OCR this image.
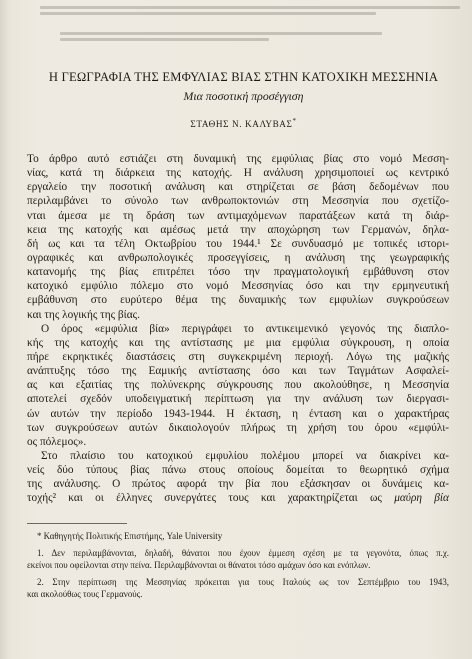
Η ΓΕΩΓΡΑΦΙΑ ΤΗΣ ΕΜΦΥΛΙΑΣ ΒΙΑΣ ΣΤΗΝ ΚΑΤΟΧΙΚΗ ΜΕΣΣΗΝΙΑ

Μια ποσοτική προσέγγιση

ΣΤΑΘΗΣ Ν. ΚΑΛΥΒΑΣ*

Το άρθρο αυτό εστιάζει στη δυναμική της εμφύλιας βίας στο νομό Μεσση-
νίας, κατά τη διάρκεια της κατοχής. Η ανάλυση χρησιμοποιεί ως κεντρικό
εργαλείο την ποσοτική ανάλυση και στηρίζεται σε βάση δεδομένων που
περιλαμβάνει το σύνολο των ανθρωποκτονιών στη Μεσσηνία που σχετίζο-
νται άμεσα με τη δράση των αντιμαχόμενων παρατάξεων κατά τη διάρ-
κεια της κατοχής και αμέσως μετά την αποχώρηση των Γερμανών, δηλα-
δή ως και τα τέλη Οκτωβρίου του 1944.¹ Σε συνδυασμό με τοπικές ιστορι-
ογραφικές και ανθρωπολογικές προσεγγίσεις, η ανάλυση της γεωγραφικής
κατανομής της βίας επιτρέπει τόσο την πραγματολογική εμβάθυνση στον
κατοχικό εμφύλιο πόλεμο στο νομό Μεσσηνίας όσο και την ερμηνευτική
εμβάθυνση στο ευρύτερο θέμα της δυναμικής των εμφυλίων συγκρούσεων
και της λογικής της βίας.
Ο όρος «εμφύλια βία» περιγράφει το αντικειμενικό γεγονός της διαπλο-
κής της κατοχής και της αντίστασης με μια εμφύλια σύγκρουση, η οποία
πήρε εκρηκτικές διαστάσεις στη συγκεκριμένη περιοχή. Λόγω της μαζικής
ανάπτυξης τόσο της Εαμικής αντίστασης όσο και των Ταγμάτων Ασφαλεί-
ας και εξαιτίας της πολύνεκρης σύγκρουσης που ακολούθησε, η Μεσσηνία
αποτελεί σχεδόν υποδειγματική περίπτωση για την ανάλυση των διεργασι-
ών αυτών την περίοδο 1943-1944. Η έκταση, η ένταση και ο χαρακτήρας
των συγκρούσεων αυτών δικαιολογούν πλήρως τη χρήση του όρου «εμφύλι-
ος πόλεμος».
Στο πλαίσιο του κατοχικού εμφυλίου πολέμου μπορεί να διακρίνει κα-
νείς δύο τύπους βίας πάνω στους οποίους δομείται το θεωρητικό σχήμα
της ανάλυσης. Ο πρώτος αφορά την βία που εξάσκησαν οι δυνάμεις κα-
τοχής² και οι έλληνες συνεργάτες τους και χαρακτηρίζεται ως μαύρη βία
* Καθηγητής Πολιτικής Επιστήμης, Yale University
1. Δεν περιλαμβάνονται, δηλαδή, θάνατοι που έχουν έμμεση σχέση με τα γεγονότα, όπως π.χ.
εκείνοι που οφείλονται στην πείνα. Περιλαμβάνονται οι θάνατοι τόσο αμάχων όσο και ενόπλων.
2. Στην περίπτωση της Μεσσηνίας πρόκειται για τους Ιταλούς ως τον Σεπτέμβριο του 1943,
και ακολούθως τους Γερμανούς.
